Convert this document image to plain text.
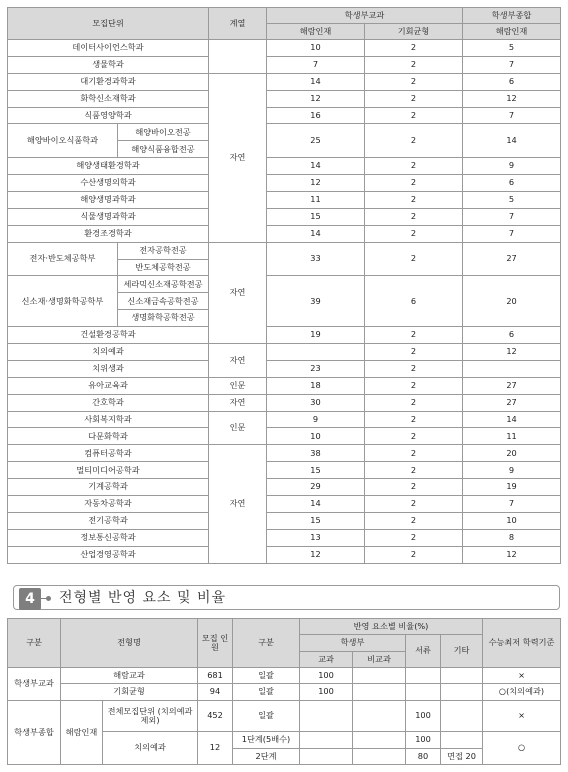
모집단위		계열	학생부교과		학생부종합
			해람인재	기회균형	해람인재
데이터사이언스학과			10	2	5
생물학과			7	2	7
대기환경과학과		자연	14	2	6
화학신소재학과			12	2	12
식품영양학과			16	2	7
해양바이오식품학과	해양바이오전공		25	2	14
	해양식품융합전공				
해양생태환경학과			14	2	9
수산생명의학과			12	2	6
해양생명과학과			11	2	5
식물생명과학과			15	2	7
환경조경학과			14	2	7
전자·반도체공학부	전자공학전공	자연	33	2	27
	반도체공학전공				
신소재·생명화학공학부	세라믹신소재공학전공		39	6	20
	신소재금속공학전공				
	생명화학공학전공				
건설환경공학과			19	2	6
치의예과		자연		2	12
치위생과			23	2	
유아교육과		인문	18	2	27
간호학과		자연	30	2	27
사회복지학과		인문	9	2	14
다문화학과			10	2	11
컴퓨터공학과		자연	38	2	20
멀티미디어공학과			15	2	9
기계공학과			29	2	19
자동차공학과			14	2	7
전기공학과			15	2	10
정보통신공학과			13	2	8
산업경영공학과			12	2	12
4	전형별 반영 요소 및 비율
구분	전형명		모집 인원	구분	반영 요소별 비율(%)				수능최저 학력기준
					학생부		서류	기타	
					교과	비교과			
학생부교과	해람교과		681	일괄	100				×
	기회균형		94	일괄	100				○(치의예과)
학생부종합	해람인재	전체모집단위 (치의예과 제외)	452	일괄			100		×
		치의예과	12	1단계(5배수)			100		○
				2단계			80	면접 20	
